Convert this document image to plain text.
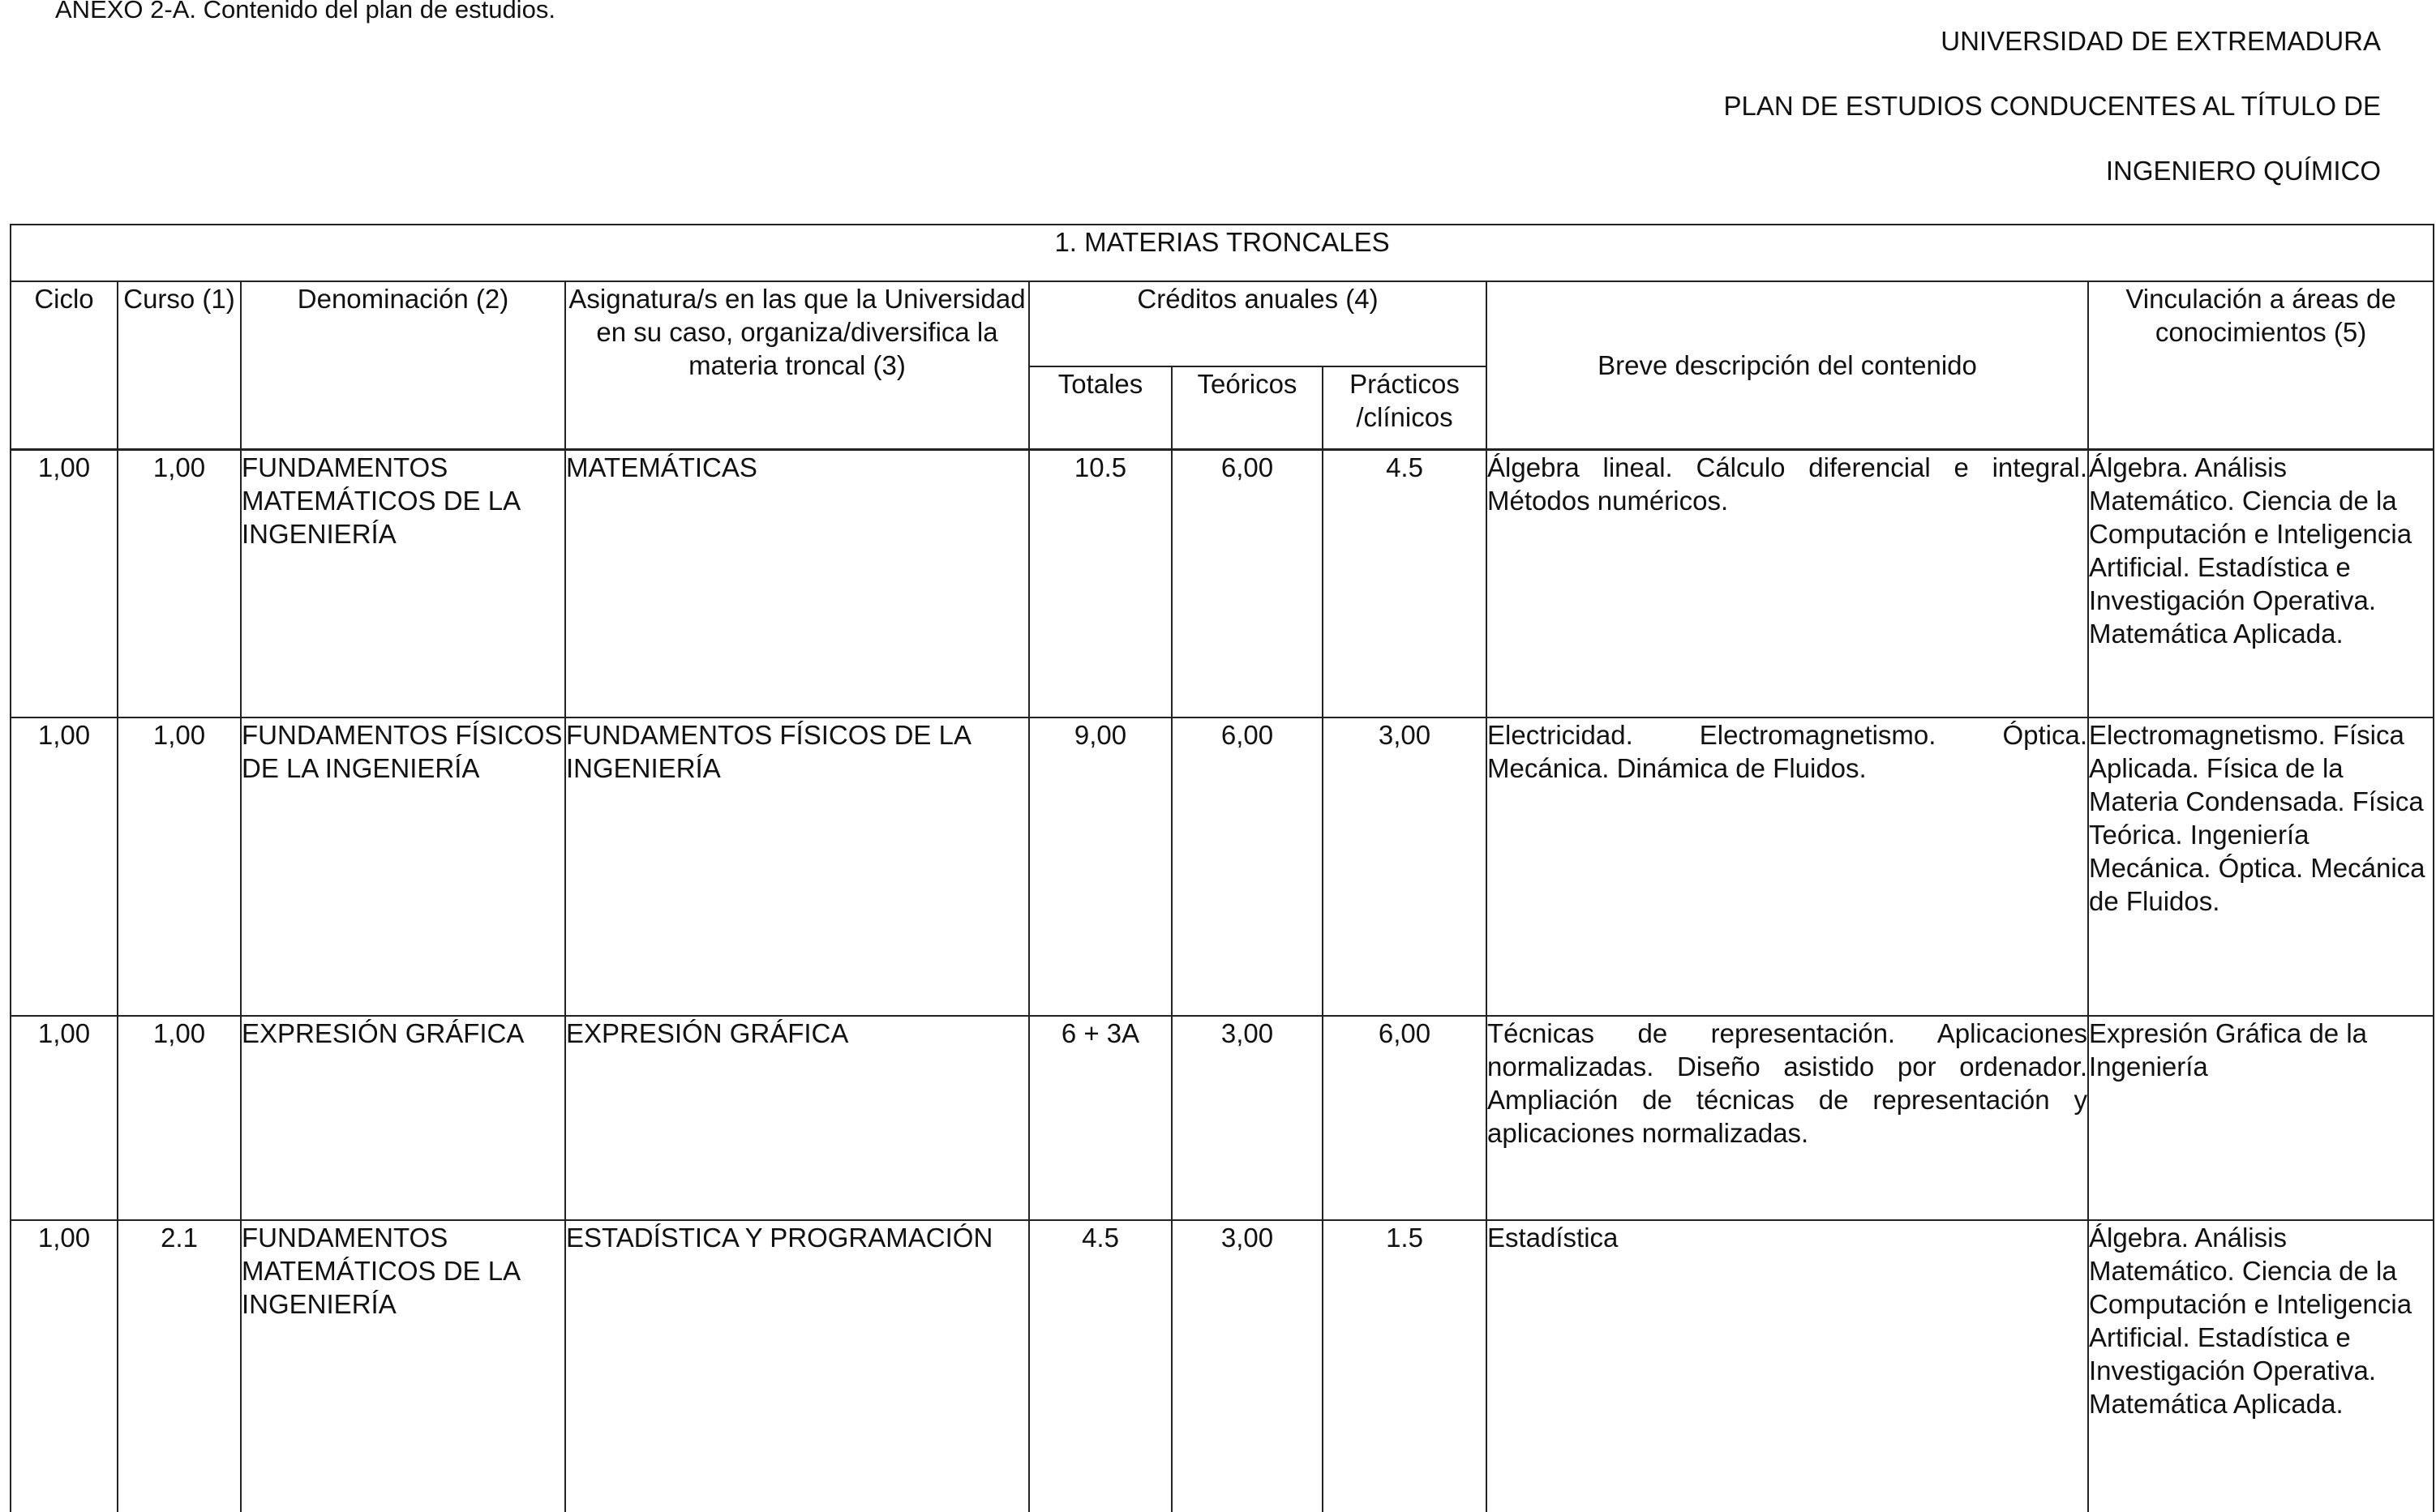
ANEXO 2-A. Contenido del plan de estudios.
UNIVERSIDAD DE EXTREMADURA
PLAN DE ESTUDIOS CONDUCENTES AL TÍTULO DE
INGENIERO QUÍMICO
1. MATERIAS TRONCALES								
Ciclo	Curso (1)	Denominación (2)	Asignatura/s en las que la Universidad en su caso, organiza/diversifica la materia troncal (3)	Créditos anuales (4)			Breve descripción del contenido	Vinculación a áreas de conocimientos (5)
				Totales	Teóricos	Prácticos /clínicos		
1,00	1,00	FUNDAMENTOS MATEMÁTICOS DE LA INGENIERÍA	MATEMÁTICAS	10.5	6,00	4.5	Álgebra lineal. Cálculo diferencial e integral. Métodos numéricos.	Álgebra. Análisis Matemático. Ciencia de la Computación e Inteligencia Artificial. Estadística e Investigación Operativa. Matemática Aplicada.
1,00	1,00	FUNDAMENTOS FÍSICOS DE LA INGENIERÍA	FUNDAMENTOS FÍSICOS DE LA INGENIERÍA	9,00	6,00	3,00	Electricidad. Electromagnetismo. Óptica. Mecánica. Dinámica de Fluidos.	Electromagnetismo. Física Aplicada. Física de la Materia Condensada. Física Teórica. Ingeniería Mecánica. Óptica. Mecánica de Fluidos.
1,00	1,00	EXPRESIÓN GRÁFICA	EXPRESIÓN GRÁFICA	6 + 3A	3,00	6,00	Técnicas de representación. Aplicaciones normalizadas. Diseño asistido por ordenador. Ampliación de técnicas de representación y aplicaciones normalizadas.	Expresión Gráfica de la Ingeniería
1,00	2.1	FUNDAMENTOS MATEMÁTICOS DE LA INGENIERÍA	ESTADÍSTICA Y PROGRAMACIÓN	4.5	3,00	1.5	Estadística	Álgebra. Análisis Matemático. Ciencia de la Computación e Inteligencia Artificial. Estadística e Investigación Operativa. Matemática Aplicada.
